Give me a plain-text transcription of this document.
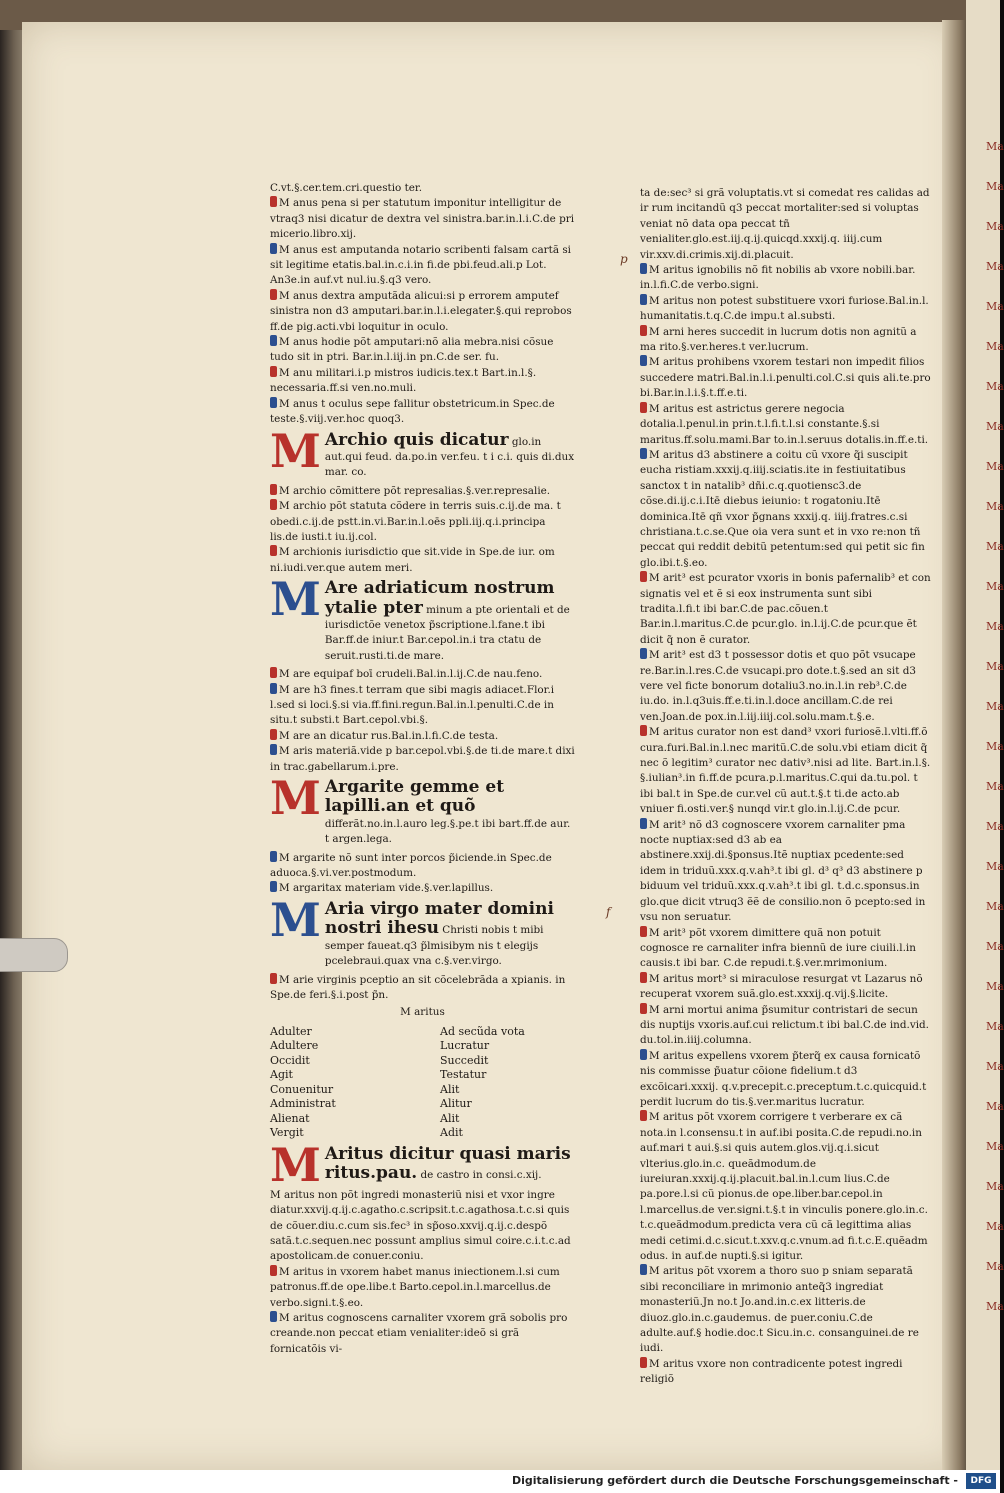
Ma
Ma
Ma
Ma
Ma
Ma
Ma
Ma
Ma
Ma
Ma
Ma
Ma
Ma
Ma
Ma
Ma
Ma
Ma
Ma
Ma
Ma
Ma
Ma
Ma
Ma
Ma
Ma
Ma
Ma

C.vt.§.cer.tem.cri.questio ter.

M anus pena si per statutum imponitur intelligitur de vtraq3 nisi dicatur de dextra vel sinistra.bar.in.l.i.C.de pri micerio.libro.xij.

M anus est amputanda notario scribenti falsam cartã si sit legitime etatis.bal.in.c.i.in fi.de pbi.feud.ali.p Lot. An3e.in auf.vt nul.iu.§.q3 vero.

M anus dextra amputãda alicui:si p errorem amputef sinistra non d3 amputari.bar.in.l.i.elegater.§.qui reprobos ff.de pig.acti.vbi loquitur in oculo.

M anus hodie põt amputari:nõ alia mebra.nisi cõsue tudo sit in ptri. Bar.in.l.iij.in pn.C.de ser. fu.

M anu militari.i.p mistros iudicis.tex.t Bart.in.l.§. necessaria.ff.si ven.no.muli.

M anus t oculus sepe fallitur obstetricum.in Spec.de teste.§.viij.ver.hoc quoq3.

M Archio quis dicatur glo.in aut.qui feud. da.po.in ver.feu. t i c.i. quis di.dux mar. co.

M archio cõmittere põt represalias.§.ver.represalie.

M archio põt statuta cõdere in terris suis.c.ij.de ma. t obedi.c.ij.de pstt.in.vi.Bar.in.l.oēs ppli.iij.q.i.principa lis.de iusti.t iu.ij.col.

M archionis iurisdictio que sit.vide in Spe.de iur. om ni.iudi.ver.que autem meri.

M Are adriaticum nostrum ytalie pter minum a pte orientali et de iurisdictõe venetox p̃scriptione.l.fane.t ibi Bar.ff.de iniur.t Bar.cepol.in.i tra ctatu de seruit.rusti.ti.de mare.

M are equipaf boī crudeli.Bal.in.l.ij.C.de nau.feno.

M are h3 fines.t terram que sibi magis adiacet.Flor.i l.sed si loci.§.si via.ff.fini.regun.Bal.in.l.penulti.C.de in situ.t substi.t Bart.cepol.vbi.§.

M are an dicatur rus.Bal.in.l.fi.C.de testa.

M aris materiã.vide p bar.cepol.vbi.§.de ti.de mare.t dixi in trac.gabellarum.i.pre.

M Argarite gemme et lapilli.an et quõ differãt.no.in.l.auro leg.§.pe.t ibi bart.ff.de aur. t argen.lega.

M argarite nõ sunt inter porcos p̃iciende.in Spec.de aduoca.§.vi.ver.postmodum.

M argaritax materiam vide.§.ver.lapillus.

M Aria virgo mater domini nostri ihesu Christi nobis t mibi semper faueat.q3 p̃lmisibym nis t elegijs pcelebraui.quax vna c.§.ver.virgo.

M arie virginis pceptio an sit cõcelebrãda a xpianis. in Spe.de feri.§.i.post p̃n.

M aritus
Adulter
Adultere
Occidit
Agit
Conuenitur
Administrat
Alienat
Vergit
Ad secũda vota
Lucratur
Succedit
Testatur
Alit
Alitur
Alit
Adit
M Aritus dicitur quasi maris ritus.pau. de castro in consi.c.xij.

M aritus non põt ingredi monasteriũ nisi et vxor ingre diatur.xxvij.q.ij.c.agatho.c.scripsit.t.c.agathosa.t.c.si quis de cõuer.diu.c.cum sis.fec³ in sp̃oso.xxvij.q.ij.c.despõ satã.t.c.sequen.nec possunt amplius simul coire.c.i.t.c.ad apostolicam.de conuer.coniu.

M aritus in vxorem habet manus iniectionem.l.si cum patronus.ff.de ope.libe.t Barto.cepol.in.l.marcellus.de verbo.signi.t.§.eo.

M aritus cognoscens carnaliter vxorem grã sobolis pro creande.non peccat etiam venialiter:ideõ si grã fornicatõis vi-

ta de:sec³ si grã voluptatis.vt si comedat res calidas ad ir rum incitandũ q3 peccat mortaliter:sed si voluptas veniat nõ data opa peccat tñ venialiter.glo.est.iij.q.ij.quicqd.xxxij.q. iiij.cum vir.xxv.di.crimis.xij.di.placuit.

M aritus ignobilis nõ fit nobilis ab vxore nobili.bar. in.l.fi.C.de verbo.signi.

M aritus non potest substituere vxori furiose.Bal.in.l. humanitatis.t.q.C.de impu.t al.substi.

M arni heres succedit in lucrum dotis non agnitũ a ma rito.§.ver.heres.t ver.lucrum.

M aritus prohibens vxorem testari non impedit filios succedere matri.Bal.in.l.i.penulti.col.C.si quis ali.te.pro bi.Bar.in.l.i.§.t.ff.e.ti.

M aritus est astrictus gerere negocia dotalia.l.penul.in prin.t.l.fi.t.l.si constante.§.si maritus.ff.solu.mami.Bar to.in.l.seruus dotalis.in.ff.e.ti.

M aritus d3 abstinere a coitu cũ vxore q̃i suscipit eucha ristiam.xxxij.q.iiij.sciatis.ite in festiuitatibus sanctox t in natalib³ dñi.c.q.quotiensc3.de cõse.di.ij.c.i.Itē diebus ieiunio: t rogatoniu.Itē dominica.Itē qñ vxor p̃gnans xxxij.q. iiij.fratres.c.si christiana.t.c.se.Que oia vera sunt et in vxo re:non tñ peccat qui reddit debitũ petentum:sed qui petit sic fin glo.ibi.t.§.eo.

M arit³ est pcurator vxoris in bonis pafernalib³ et con signatis vel et ẽ si eox instrumenta sunt sibi tradita.l.fi.t ibi bar.C.de pac.cõuen.t Bar.in.l.maritus.C.de pcur.glo. in.l.ij.C.de pcur.que ẽt dicit q̃ non ẽ curator.

M arit³ est d3 t possessor dotis et quo põt vsucape re.Bar.in.l.res.C.de vsucapi.pro dote.t.§.sed an sit d3 vere vel ficte bonorum dotaliu3.no.in.l.in reb³.C.de iu.do. in.l.q3uis.ff.e.ti.in.l.doce ancillam.C.de rei ven.Joan.de pox.in.l.iij.iiij.col.solu.mam.t.§.e.

M aritus curator non est dand³ vxori furiosẽ.l.vlti.ff.õ cura.furi.Bal.in.l.nec maritũ.C.de solu.vbi etiam dicit q̃ nec õ legitim³ curator nec dativ³.nisi ad lite. Bart.in.l.§. §.iulian³.in fi.ff.de pcura.p.l.maritus.C.qui da.tu.pol. t ibi bal.t in Spe.de cur.vel cũ aut.t.§.t ti.de acto.ab vniuer fi.osti.ver.§ nunqd vir.t glo.in.l.ij.C.de pcur.

M arit³ nõ d3 cognoscere vxorem carnaliter pma nocte nuptiax:sed d3 ab ea abstinere.xxij.di.§ponsus.Itẽ nuptiax pcedente:sed idem in triduũ.xxx.q.v.ah³.t ibi gl. d³ q³ d3 abstinere p biduum vel triduũ.xxx.q.v.ah³.t ibi gl. t.d.c.sponsus.in glo.que dicit vtruq3 ẽẽ de consilio.non õ pcepto:sed in vsu non seruatur.

M arit³ põt vxorem dimittere quã non potuit cognosce re carnaliter infra biennũ de iure ciuili.l.in causis.t ibi bar. C.de repudi.t.§.ver.mrimonium.

M aritus mort³ si miraculose resurgat vt Lazarus nõ recuperat vxorem suã.glo.est.xxxij.q.vij.§.licite.

M arni mortui anima p̃sumitur contristari de secun dis nuptijs vxoris.auf.cui relictum.t ibi bal.C.de ind.vid. du.tol.in.iiij.columna.

M aritus expellens vxorem p̃terq̃ ex causa fornicatõ nis commisse p̃uatur cõione fidelium.t d3 excõicari.xxxij. q.v.precepit.c.preceptum.t.c.quicquid.t perdit lucrum do tis.§.ver.maritus lucratur.

M aritus põt vxorem corrigere t verberare ex cã nota.in l.consensu.t in auf.ibi posita.C.de repudi.no.in auf.mari t aui.§.si quis autem.glos.vij.q.i.sicut vlterius.glo.in.c. queãdmodum.de iureiuran.xxxij.q.ij.placuit.bal.in.l.cum lius.C.de pa.pore.l.si cũ pionus.de ope.liber.bar.cepol.in l.marcellus.de ver.signi.t.§.t in vinculis ponere.glo.in.c. t.c.queãdmodum.predicta vera cũ cã legittima alias medi cetimi.d.c.sicut.t.xxv.q.c.vnum.ad fi.t.c.E.quẽadm odus. in auf.de nupti.§.si igitur.

M aritus põt vxorem a thoro suo p sniam separatã sibi reconciliare in mrimonio anteq̃3 ingrediat monasteriũ.Jn no.t Jo.and.in.c.ex litteris.de diuoz.glo.in.c.gaudemus. de puer.coniu.C.de adulte.auf.§ hodie.doc.t Sicu.in.c. consanguinei.de re iudi.

M aritus vxore non contradicente potest ingredi religiõ

p
f
Digitalisierung gefördert durch die Deutsche Forschungsgemeinschaft -	DFG
